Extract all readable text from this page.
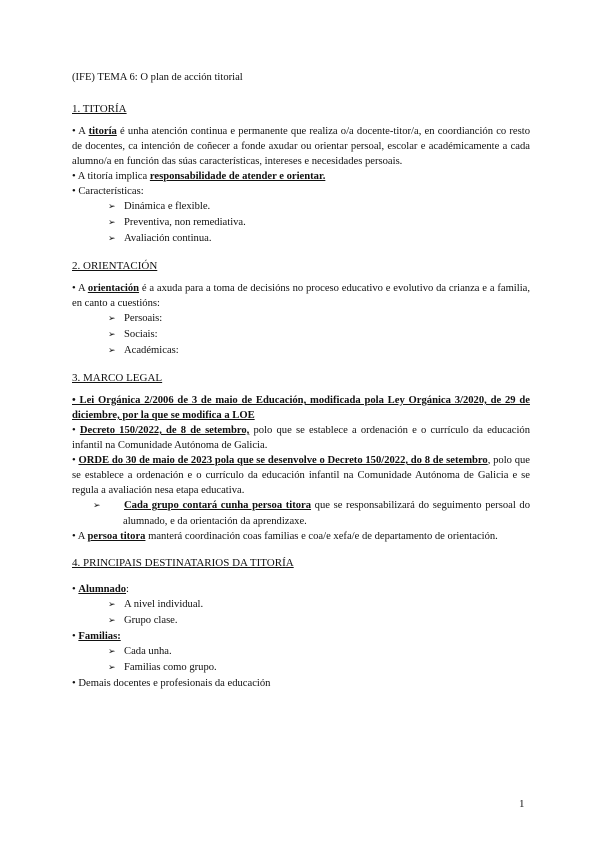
(IFE) TEMA 6: O plan de acción titorial

1. TITORÍA

• A titoría é unha atención continua e permanente que realiza o/a docente-titor/a, en coordianción co resto de docentes, ca intención de coñecer a fonde axudar ou orientar persoal, escolar e académicamente a cada alumno/a en función das súas características, intereses e necesidades persoais.

• A titoría implica responsabilidade de atender e orientar.

• Características:

➢ Dinámica e flexible.

➢ Preventiva, non remediativa.

➢ Avaliación continua.

2. ORIENTACIÓN

• A orientación é a axuda para a toma de decisións no proceso educativo e evolutivo da crianza e a familia, en canto a cuestións:

➢ Persoais:

➢ Sociais:

➢ Académicas:

3. MARCO LEGAL

• Lei Orgánica 2/2006 de 3 de maio de Educación, modificada pola Ley Orgánica 3/2020, de 29 de diciembre, por la que se modifica a LOE

• Decreto 150/2022, de 8 de setembro, polo que se establece a ordenación e o currículo da educación infantil na Comunidade Autónoma de Galicia.

• ORDE do 30 de maio de 2023 pola que se desenvolve o Decreto 150/2022, do 8 de setembro, polo que se establece a ordenación e o currículo da educación infantil na Comunidade Autónoma de Galicia e se regula a avaliación nesa etapa educativa.

➢ Cada grupo contará cunha persoa titora que se responsabilizará do seguimento persoal do alumnado, e da orientación da aprendizaxe.

• A persoa titora manterá coordinación coas familias e coa/e xefa/e de departamento de orientación.

4. PRINCIPAIS DESTINATARIOS DA TITORÍA

• Alumnado:

➢ A nivel individual.

➢ Grupo clase.

• Familias:

➢ Cada unha.

➢ Familias como grupo.

• Demais docentes e profesionais da educación

1
